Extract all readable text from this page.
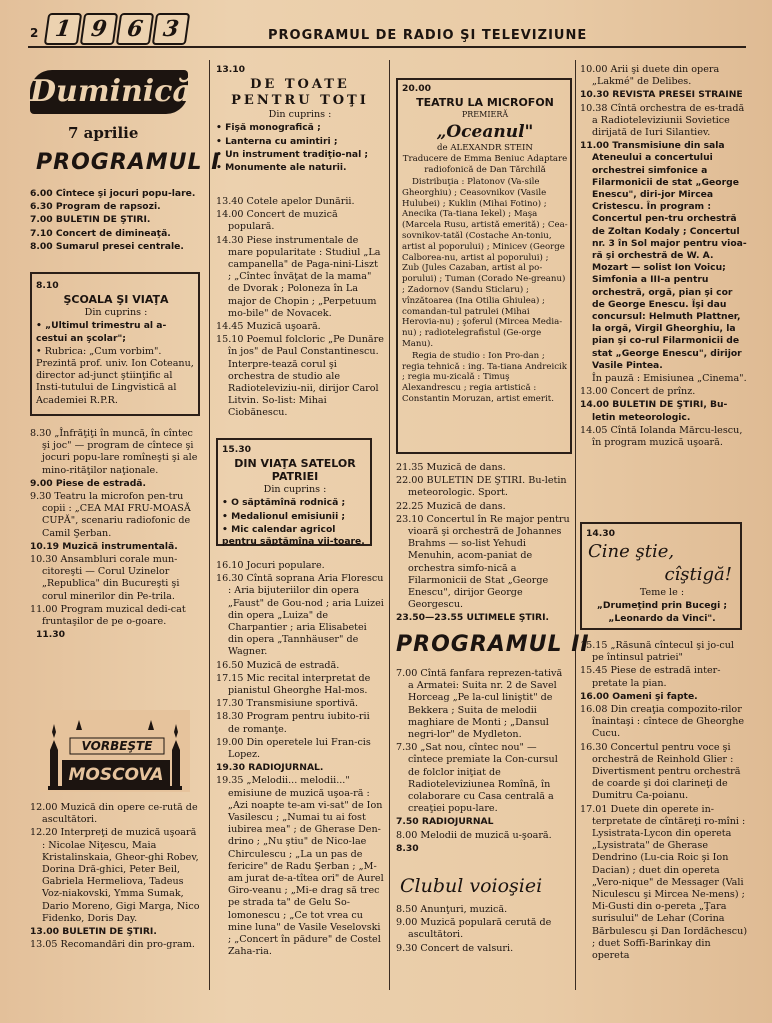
2 1 9 6 3	PROGRAMUL DE RADIO ŞI TELEVIZIUNE
Duminică
7 aprilie
PROGRAMUL I

6.00 Cîntece şi jocuri popu-lare.

6.30 Program de rapsozi.

7.00 BULETIN DE ŞTIRI.

7.10 Concert de dimineaţă.

8.00 Sumarul presei centrale.

8.10

ŞCOALA ŞI VIAŢA

Din cuprins :

• „Ultimul trimestru al a-cestui an şcolar";

• Rubrica: „Cum vorbim". Prezintă prof. univ. Ion Coteanu, director ad-junct ştiinţific al Insti-tutului de Lingvistică al Academiei R.P.R.

8.30 „Înfrăţiţi în muncă, în cîntec şi joc" — program de cîntece şi jocuri popu-lare romîneşti şi ale mino-rităţilor naţionale.

9.00 Piese de estradă.

9.30 Teatru la microfon pen-tru copii : „CEA MAI FRU-MOASĂ CUPĂ", scenariu radiofonic de Camil Şerban.

10.19 Muzică instrumentală.

10.30 Ansambluri corale mun-citoreşti — Corul Uzinelor „Republica" din Bucureşti şi corul minerilor din Pe-trila.

11.00 Program muzical dedi-cat fruntaşilor de pe o-goare.

11.30

VORBEŞTE
MOSCOVA

12.00 Muzică din opere ce-rută de ascultători.

12.20 Interpreţi de muzică uşoară : Nicolae Niţescu, Maia Kristalinskaia, Gheor-ghi Robev, Dorina Dră-ghici, Peter Beil, Gabriela Hermeliova, Tadeus Voz-niakovski, Ymma Sumak, Dario Moreno, Gigi Marga, Nico Fidenko, Doris Day.

13.00 BULETIN DE ŞTIRI.

13.05 Recomandări din pro-gram.

13.10

DE TOATE

PENTRU TOŢI

Din cuprins :

• Fişă monografică ;

• Lanterna cu amintiri ;

• Un instrument tradiţio-nal ;

• Monumente ale naturii.

13.40 Cotele apelor Dunării.

14.00 Concert de muzică populară.

14.30 Piese instrumentale de mare popularitate : Studiul „La campanella" de Paga-nini-Liszt ; „Cîntec învăţat de la mama" de Dvorak ; Poloneza în La major de Chopin ; „Perpetuum mo-bile" de Novacek.

14.45 Muzică uşoară.

15.10 Poemul folcloric „Pe Dunăre în jos" de Paul Constantinescu. Interpre-tează corul şi orchestra de studio ale Radioteleviziu-nii, dirijor Carol Litvin. So-list: Mihai Ciobănescu.

15.30

DIN VIAŢA SATELOR PATRIEI

Din cuprins :

• O săptămînă rodnică ;

• Medalionul emisiunii ;

• Mic calendar agricol pentru săptămîna vii-toare.

16.10 Jocuri populare.

16.30 Cîntă soprana Aria Florescu : Aria bijuteriilor din opera „Faust" de Gou-nod ; aria Luizei din opera „Luiza" de Charpantier ; aria Elisabetei din opera „Tannhäuser" de Wagner.

16.50 Muzică de estradă.

17.15 Mic recital interpretat de pianistul Gheorghe Hal-mos.

17.30 Transmisiune sportivă.

18.30 Program pentru iubito-rii de romanţe.

19.00 Din operetele lui Fran-cis Lopez.

19.30 RADIOJURNAL.

19.35 „Melodii... melodii..." emisiune de muzică uşoa-ră : „Azi noapte te-am vi-sat" de Ion Vasilescu ; „Numai tu ai fost iubirea mea" ; de Gherase Den-drino ; „Nu ştiu" de Nico-lae Chirculescu ; „La un pas de fericire" de Radu Şerban ; „M-am jurat de-a-tîtea ori" de Aurel Giro-veanu ; „Mi-e drag să trec pe strada ta" de Gelu So-lomonescu ; „Ce tot vrea cu mine luna" de Vasile Veselovski ; „Concert în pădure" de Costel Zaha-ria.

20.00

TEATRU LA MICROFON

PREMIERĂ

„Oceanul"

de ALEXANDR STEIN

Traducere de Emma Beniuc Adaptare radiofonică de Dan Tărchilă

Distribuţia : Platonov (Va-sile Gheorghiu) ; Ceasovnikov (Vasile Hulubei) ; Kuklin (Mihai Fotino) ; Anecika (Ta-tiana Iekel) ; Maşa (Marcela Rusu, artistă emerită) ; Cea-sovnikov-tatăl (Costache An-toniu, artist al poporului) ; Minicev (George Calborea-nu, artist al poporului) ; Zub (Jules Cazaban, artist al po-porului) ; Tuman (Corado Ne-greanu) ; Zadornov (Sandu Sticlaru) ; vînzătoarea (Ina Otilia Ghiulea) ; comandan-tul patrulei (Mihai Herovia-nu) ; şoferul (Mircea Media-nu) ; radiotelegrafistul (Ge-orge Manu).

Regia de studio : Ion Pro-dan ; regia tehnică : ing. Ta-tiana Andreicik ; regia mu-zicală : Timuş Alexandrescu ; regia artistică : Constantin Moruzan, artist emerit.

21.35 Muzică de dans.

22.00 BULETIN DE ŞTIRI. Bu-letin meteorologic. Sport.

22.25 Muzică de dans.

23.10 Concertul în Re major pentru vioară şi orchestră de Johannes Brahms — so-list Yehudi Menuhin, acom-paniat de orchestra simfo-nică a Filarmonicii de Stat „George Enescu", dirijor George Georgescu.

23.50—23.55 ULTIMELE ŞTIRI.

PROGRAMUL II

7.00 Cîntă fanfara reprezen-tativă a Armatei: Suita nr. 2 de Savel Horceag „Pe la-cul liniştit" de Bekkera ; Suita de melodii maghiare de Monti ; „Dansul negri-lor" de Mydleton.

7.30 „Sat nou, cîntec nou" — cîntece premiate la Con-cursul de folclor iniţiat de Radioteleviziunea Romînă, în colaborare cu Casa centrală a creaţiei popu-lare.

7.50 RADIOJURNAL

8.00 Melodii de muzică u-şoară.

8.30

Clubul voioşiei

8.50 Anunţuri, muzică.

9.00 Muzică populară cerută de ascultători.

9.30 Concert de valsuri.

10.00 Arii şi duete din opera „Lakmé" de Delibes.

10.30 REVISTA PRESEI STRAINE

10.38 Cîntă orchestra de es-tradă a Radioteleviziunii Sovietice dirijată de Iuri Silantiev.

11.00 Transmisiune din sala Ateneului a concertului orchestrei simfonice a Filarmonicii de stat „George Enescu", diri-jor Mircea Cristescu. În program : Concertul pen-tru orchestră de Zoltan Kodaly ; Concertul nr. 3 în Sol major pentru vioa-ră şi orchestră de W. A. Mozart — solist Ion Voicu; Simfonia a III-a pentru orchestră, orgă, pian şi cor de George Enescu. Îşi dau concursul: Helmuth Plattner, la orgă, Virgil Gheorghiu, la pian şi co-rul Filarmonicii de stat „George Enescu", dirijor Vasile Pintea.

În pauză : Emisiunea „Cinema".

13.00 Concert de prînz.

14.00 BULETIN DE ŞTIRI, Bu-letin meteorologic.

14.05 Cîntă Iolanda Mărcu-lescu, în program muzică uşoară.

14.30

Cine ştie,

cîştigă!

Teme le :

„Drumeţind prin Bucegi ; „Leonardo da Vinci".

15.15 „Răsună cîntecul şi jo-cul pe întinsul patriei"

15.45 Piese de estradă inter-pretate la pian.

16.00 Oameni şi fapte.

16.08 Din creaţia compozito-rilor înaintaşi : cîntece de Gheorghe Cucu.

16.30 Concertul pentru voce şi orchestră de Reinhold Glier : Divertisment pentru orchestră de coarde şi doi clarineţi de Dumitru Ca-poianu.

17.01 Duete din operete in-terpretate de cîntăreţi ro-mîni : Lysistrata-Lycon din opereta „Lysistrata" de Gherase Dendrino (Lu-cia Roic şi Ion Dacian) ; duet din opereta „Vero-nique" de Messager (Vali Niculescu şi Mircea Ne-mens) ; Mi-Gusti din o-pereta „Ţara surisului" de Lehar (Corina Bărbulescu şi Dan Iordăchescu) ; duet Soffi-Barinkay din opereta
